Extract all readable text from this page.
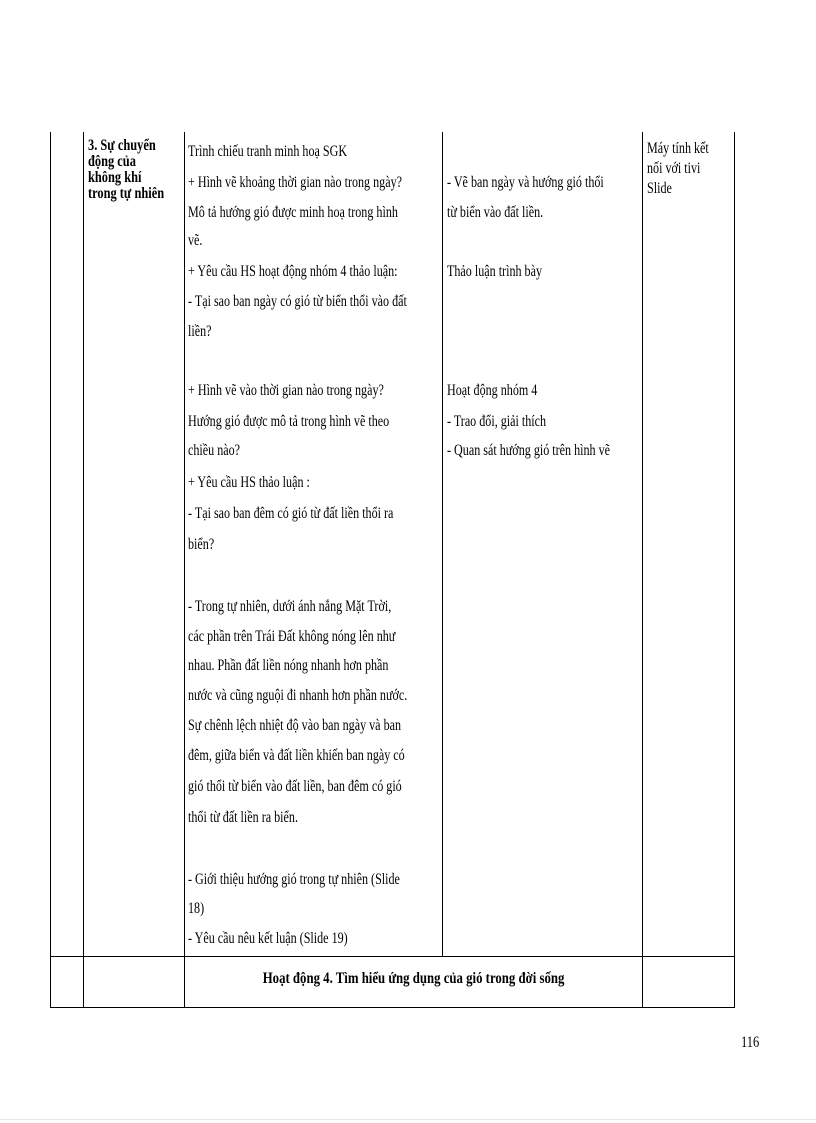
3. Sự chuyển
động của
không khí
trong tự nhiên
Trình chiếu tranh minh hoạ SGK
+ Hình vẽ khoảng thời gian nào trong ngày?
Mô tả hướng gió được minh hoạ trong hình
vẽ.
+ Yêu cầu HS hoạt động nhóm 4 thảo luận:
- Tại sao ban ngày có gió từ biển thổi vào đất
liền?
+ Hình vẽ vào thời gian nào trong ngày?
Hướng gió được mô tả trong hình vẽ theo
chiều nào?
+ Yêu cầu HS thảo luận :
- Tại sao ban đêm có gió từ đất liền thổi ra
biển?
- Trong tự nhiên, dưới ánh nắng Mặt Trời,
các phần trên Trái Đất không nóng lên như
nhau. Phần đất liền nóng nhanh hơn phần
nước và cũng nguội đi nhanh hơn phần nước.
Sự chênh lệch nhiệt độ vào ban ngày và ban
đêm, giữa biển và đất liền khiến ban ngày có
gió thổi từ biển vào đất liền, ban đêm có gió
thổi từ đất liền ra biển.
- Giới thiệu hướng gió trong tự nhiên (Slide
18)
- Yêu cầu nêu kết luận (Slide 19)
- Vẽ ban ngày và hướng gió thổi
từ biển vào đất liền.
Thảo luận trình bày
Hoạt động nhóm 4
- Trao đổi, giải thích
- Quan sát hướng gió trên hình vẽ
Máy tính kết
nối với tivi
Slide
Hoạt động 4. Tìm hiểu ứng dụng của gió trong đời sống
116
